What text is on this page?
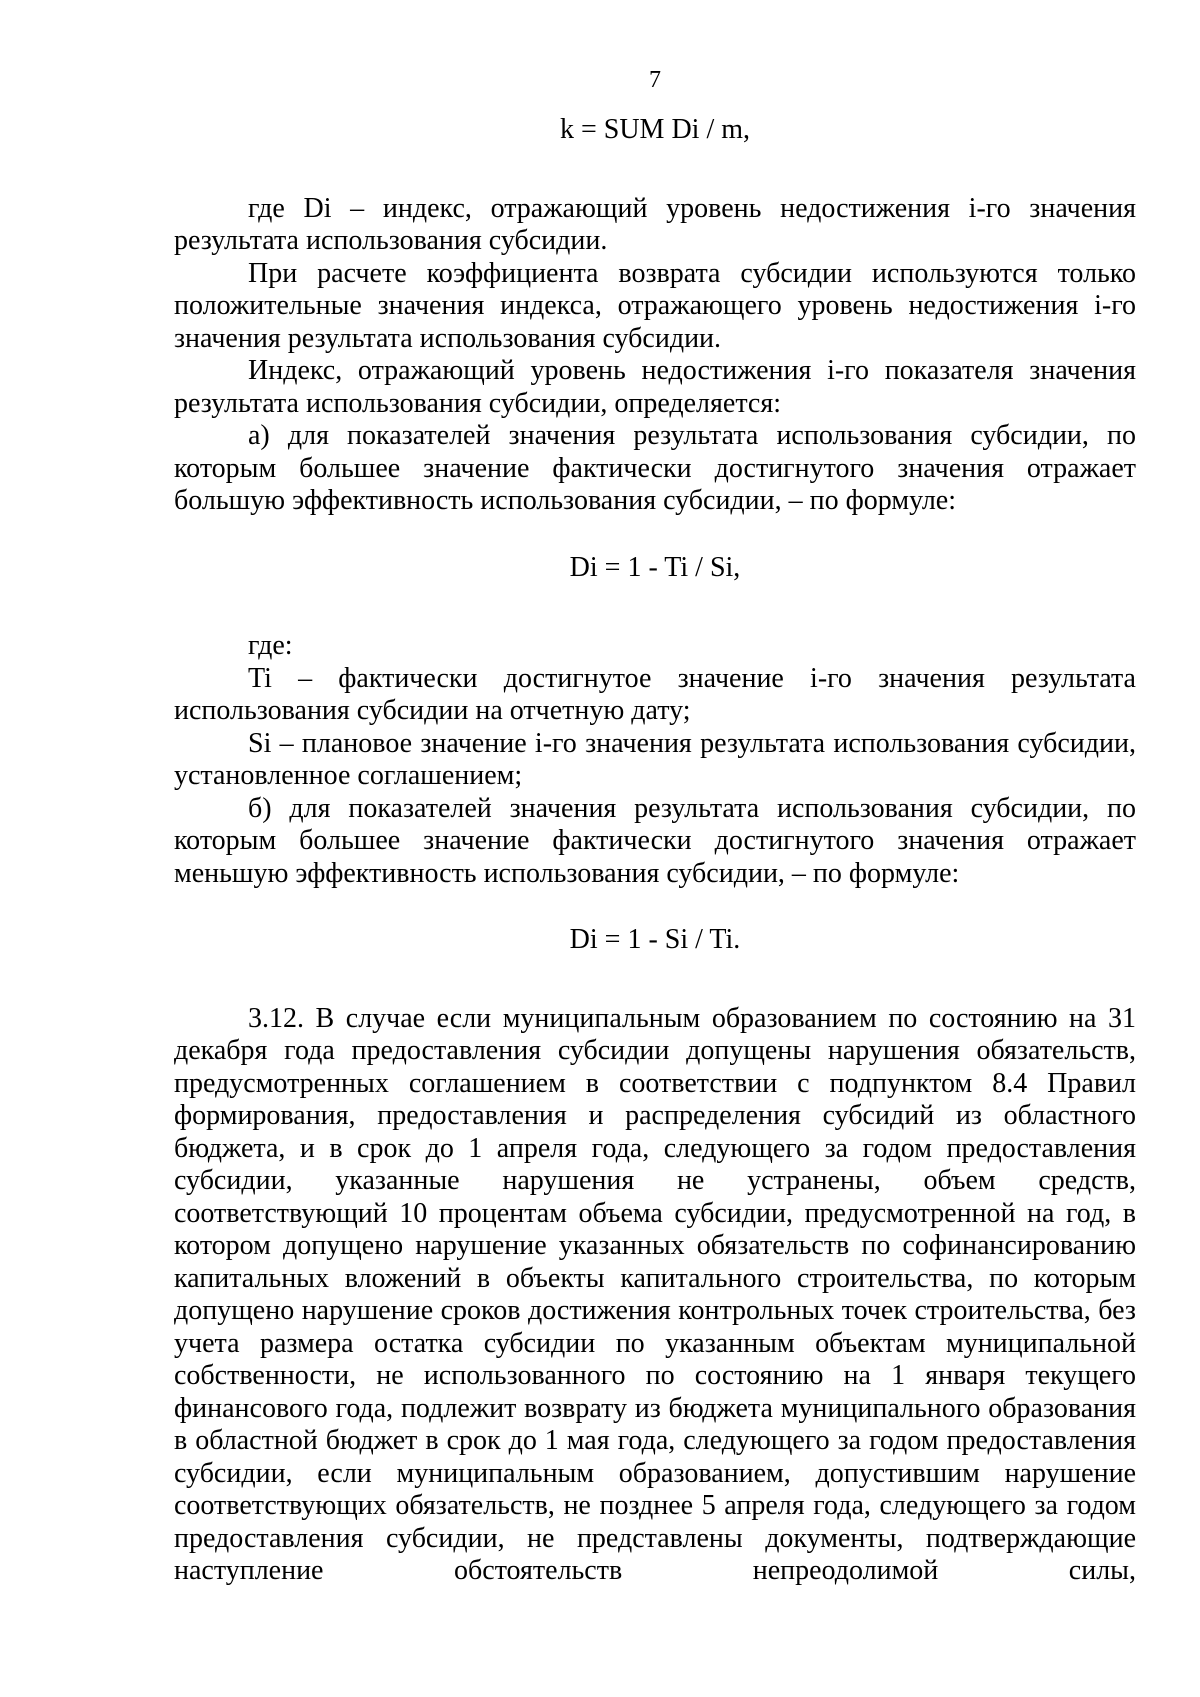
7

k = SUM Di / m,

где Di – индекс, отражающий уровень недостижения i-го значения результата использования субсидии.

При расчете коэффициента возврата субсидии используются только положительные значения индекса, отражающего уровень недостижения i-го значения результата использования субсидии.

Индекс, отражающий уровень недостижения i-го показателя значения результата использования субсидии, определяется:

а) для показателей значения результата использования субсидии, по которым большее значение фактически достигнутого значения отражает большую эффективность использования субсидии, – по формуле:

Di = 1 - Ti / Si,

где:

Ti – фактически достигнутое значение i-го значения результата использования субсидии на отчетную дату;

Si – плановое значение i-го значения результата использования субсидии, установленное соглашением;

б) для показателей значения результата использования субсидии, по которым большее значение фактически достигнутого значения отражает меньшую эффективность использования субсидии, – по формуле:

Di = 1 - Si / Ti.

3.12. В случае если муниципальным образованием по состоянию на 31 декабря года предоставления субсидии допущены нарушения обязательств, предусмотренных соглашением в соответствии с подпунктом 8.4 Правил формирования, предоставления и распределения субсидий из областного бюджета, и в срок до 1 апреля года, следующего за годом предоставления субсидии, указанные нарушения не устранены, объем средств, соответствующий 10 процентам объема субсидии, предусмотренной на год, в котором допущено нарушение указанных обязательств по софинансированию капитальных вложений в объекты капитального строительства, по которым допущено нарушение сроков достижения контрольных точек строительства, без учета размера остатка субсидии по указанным объектам муниципальной собственности, не использованного по состоянию на 1 января текущего финансового года, подлежит возврату из бюджета муниципального образования в областной бюджет в срок до 1 мая года, следующего за годом предоставления субсидии, если муниципальным образованием, допустившим нарушение соответствующих обязательств, не позднее 5 апреля года, следующего за годом предоставления субсидии, не представлены документы, подтверждающие наступление обстоятельств непреодолимой силы,
